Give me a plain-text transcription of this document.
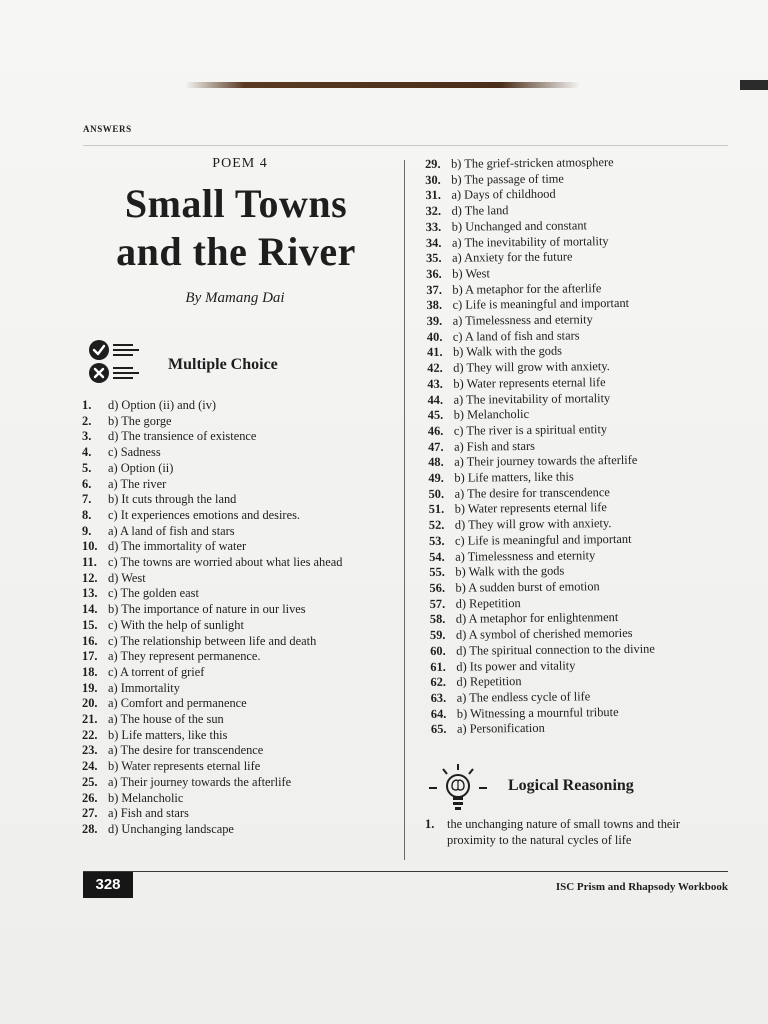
ANSWERS
POEM 4
Small Towns
and the River
By Mamang Dai
Multiple Choice
1. d) Option (ii) and (iv)
2. b) The gorge
3. d) The transience of existence
4. c) Sadness
5. a) Option (ii)
6. a) The river
7. b) It cuts through the land
8. c) It experiences emotions and desires.
9. a) A land of fish and stars
10. d) The immortality of water
11. c) The towns are worried about what lies ahead
12. d) West
13. c) The golden east
14. b) The importance of nature in our lives
15. c) With the help of sunlight
16. c) The relationship between life and death
17. a) They represent permanence.
18. c) A torrent of grief
19. a) Immortality
20. a) Comfort and permanence
21. a) The house of the sun
22. b) Life matters, like this
23. a) The desire for transcendence
24. b) Water represents eternal life
25. a) Their journey towards the afterlife
26. b) Melancholic
27. a) Fish and stars
28. d) Unchanging landscape
29. b) The grief-stricken atmosphere
30. b) The passage of time
31. a) Days of childhood
32. d) The land
33. b) Unchanged and constant
34. a) The inevitability of mortality
35. a) Anxiety for the future
36. b) West
37. b) A metaphor for the afterlife
38. c) Life is meaningful and important
39. a) Timelessness and eternity
40. c) A land of fish and stars
41. b) Walk with the gods
42. d) They will grow with anxiety.
43. b) Water represents eternal life
44. a) The inevitability of mortality
45. b) Melancholic
46. c) The river is a spiritual entity
47. a) Fish and stars
48. a) Their journey towards the afterlife
49. b) Life matters, like this
50. a) The desire for transcendence
51. b) Water represents eternal life
52. d) They will grow with anxiety.
53. c) Life is meaningful and important
54. a) Timelessness and eternity
55. b) Walk with the gods
56. b) A sudden burst of emotion
57. d) Repetition
58. d) A metaphor for enlightenment
59. d) A symbol of cherished memories
60. d) The spiritual connection to the divine
61. d) Its power and vitality
62. d) Repetition
63. a) The endless cycle of life
64. b) Witnessing a mournful tribute
65. a) Personification
Logical Reasoning
1.	the unchanging nature of small towns and their proximity to the natural cycles of life
328	ISC Prism and Rhapsody Workbook
